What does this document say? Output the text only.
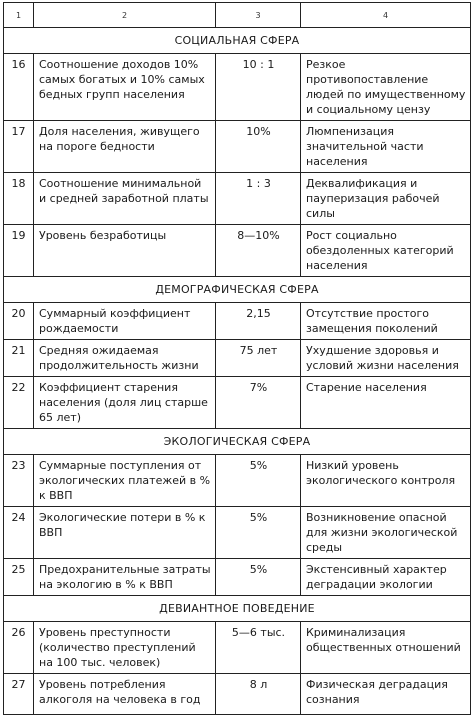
1	2	3	4
СОЦИАЛЬНАЯ СФЕРА			
16	Соотношение доходов 10% самых богатых и 10% самых бедных групп населения	10 : 1	Резкое противопоставление людей по имущественному и социальному цензу
17	Доля населения, живущего на пороге бедности	10%	Люмпенизация значительной части населения
18	Соотношение минимальной и средней заработной платы	1 : 3	Деквалификация и пауперизация рабочей силы
19	Уровень безработицы	8—10%	Рост социально обездоленных категорий населения
ДЕМОГРАФИЧЕСКАЯ СФЕРА			
20	Суммарный коэффициент рождаемости	2,15	Отсутствие простого замещения поколений
21	Средняя ожидаемая продолжительность жизни	75 лет	Ухудшение здоровья и условий жизни населения
22	Коэффициент старения населения (доля лиц старше 65 лет)	7%	Старение населения
ЭКОЛОГИЧЕСКАЯ СФЕРА			
23	Суммарные поступления от экологических платежей в % к ВВП	5%	Низкий уровень экологического контроля
24	Экологические потери в % к ВВП	5%	Возникновение опасной для жизни экологической среды
25	Предохранительные затраты на экологию в % к ВВП	5%	Экстенсивный характер деградации экологии
ДЕВИАНТНОЕ ПОВЕДЕНИЕ			
26	Уровень преступности (количество преступлений на 100 тыс. человек)	5—6 тыс.	Криминализация общественных отношений
27	Уровень потребления алкоголя на человека в год	8 л	Физическая деградация сознания
